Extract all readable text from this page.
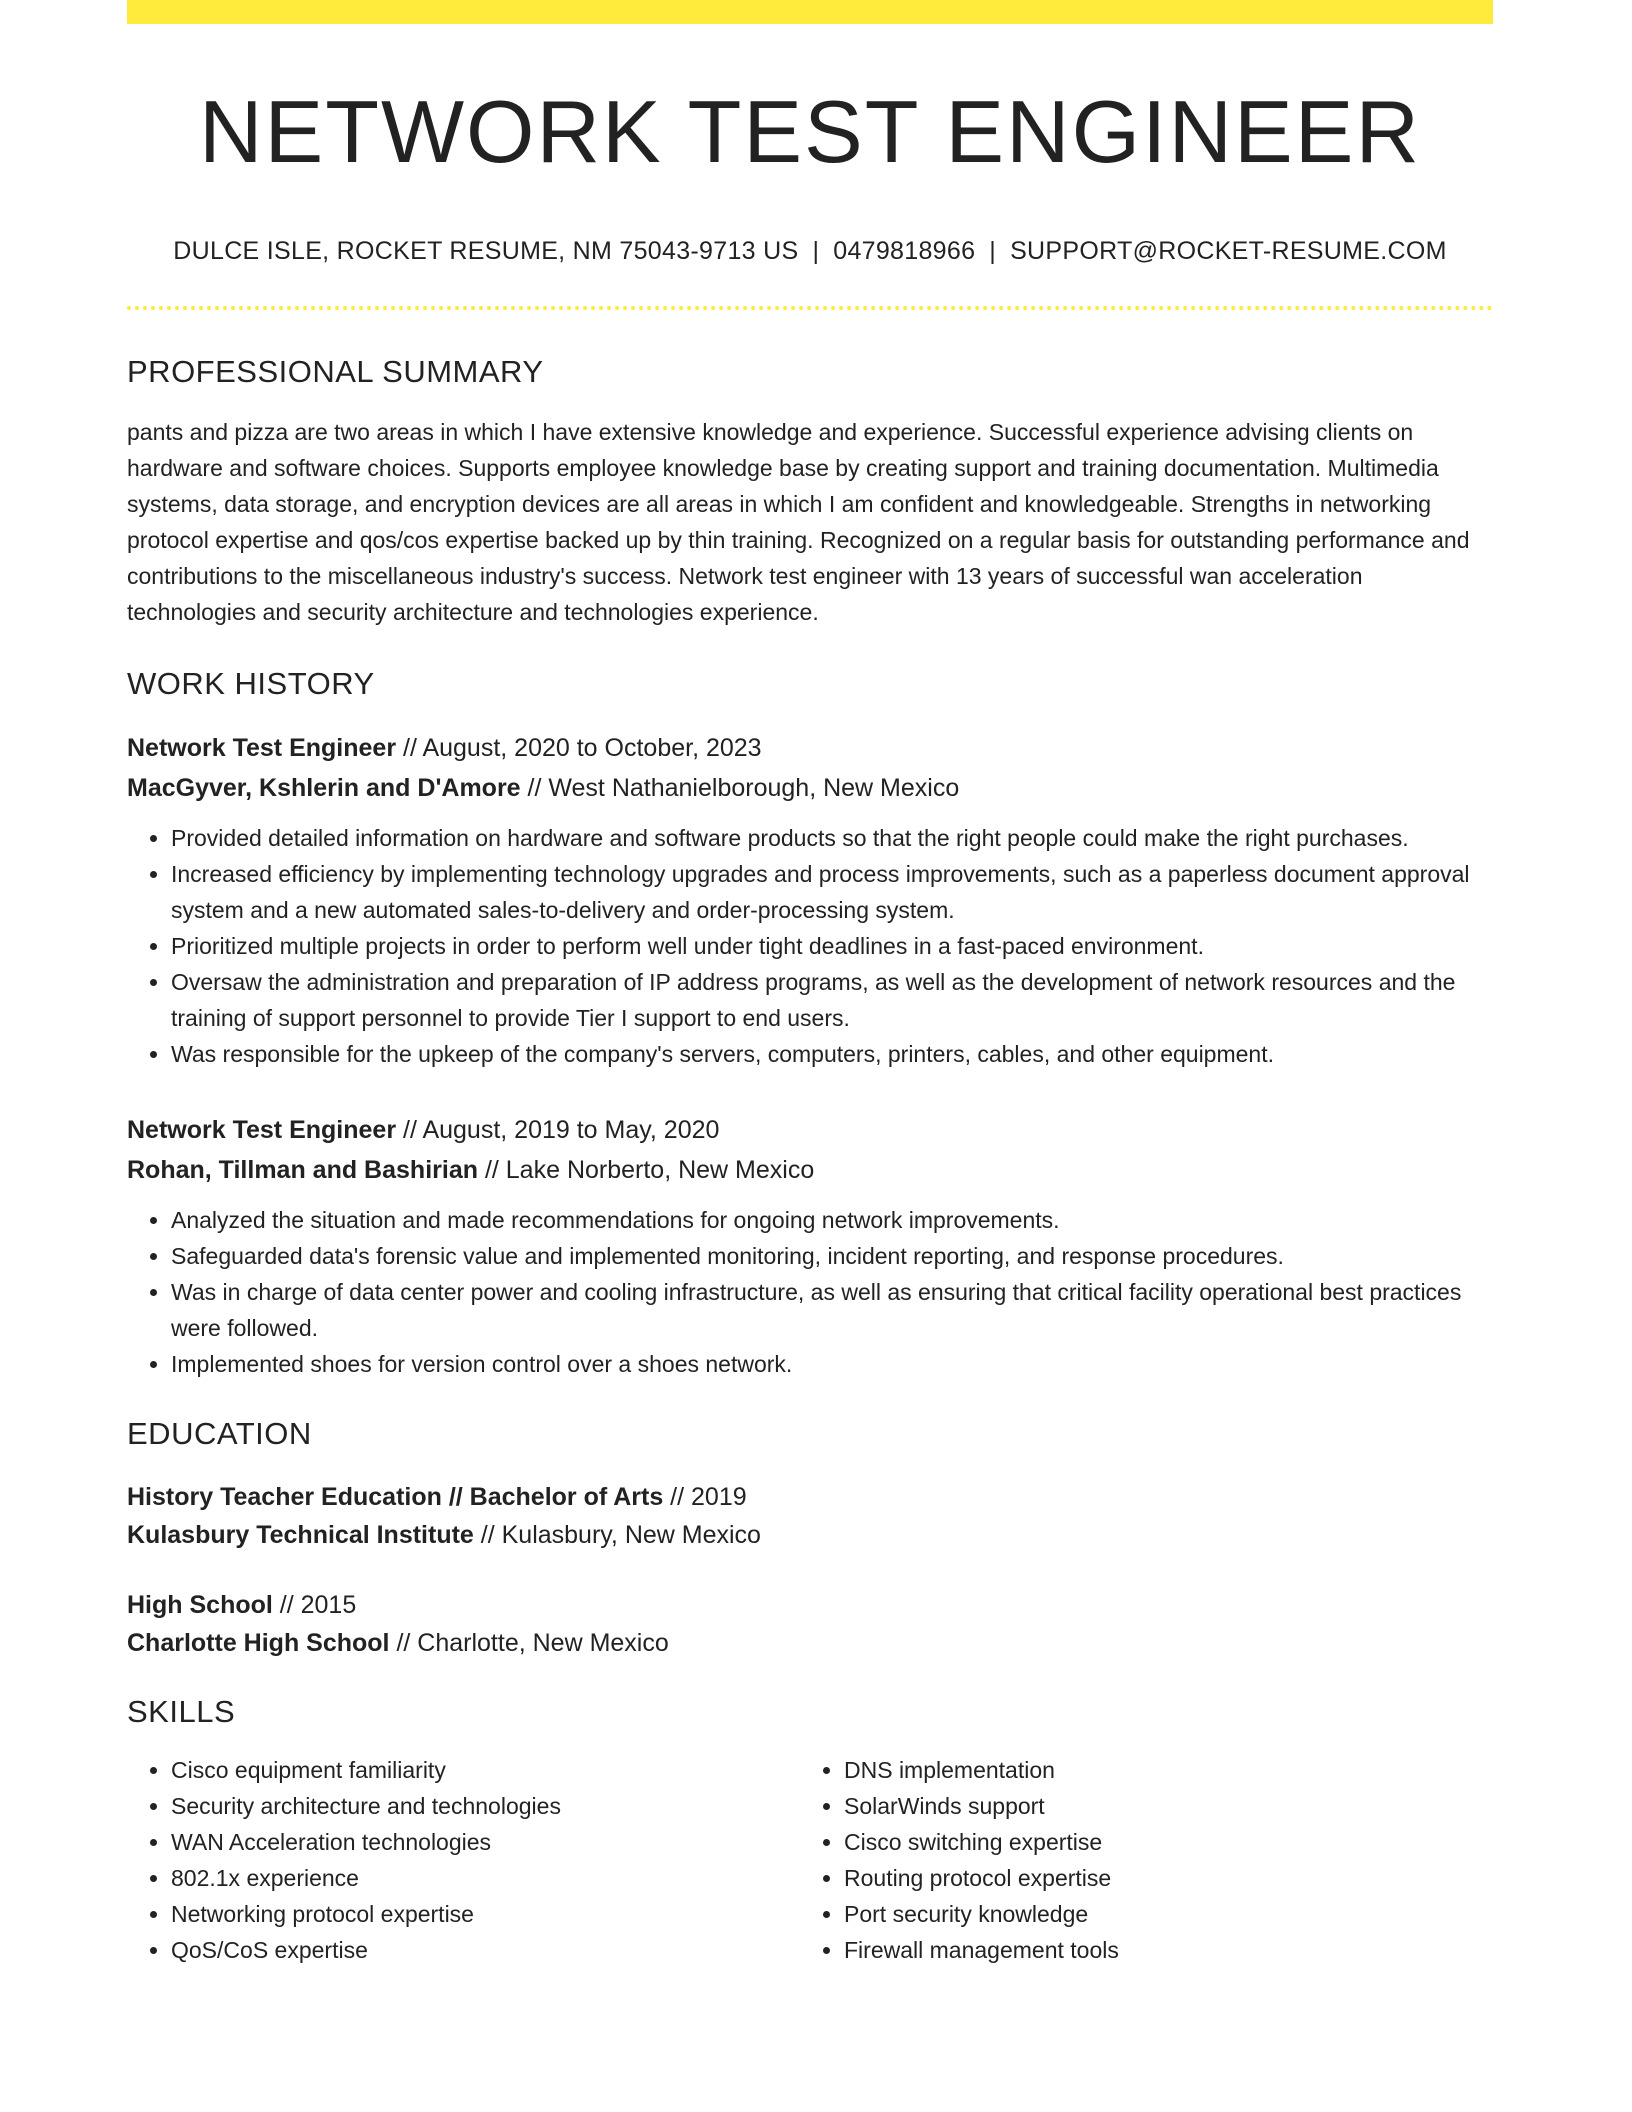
NETWORK TEST ENGINEER
DULCE ISLE, ROCKET RESUME, NM 75043-9713 US | 0479818966 | SUPPORT@ROCKET-RESUME.COM
PROFESSIONAL SUMMARY
pants and pizza are two areas in which I have extensive knowledge and experience. Successful experience advising clients on hardware and software choices. Supports employee knowledge base by creating support and training documentation. Multimedia systems, data storage, and encryption devices are all areas in which I am confident and knowledgeable. Strengths in networking protocol expertise and qos/cos expertise backed up by thin training. Recognized on a regular basis for outstanding performance and contributions to the miscellaneous industry's success. Network test engineer with 13 years of successful wan acceleration technologies and security architecture and technologies experience.
WORK HISTORY
Network Test Engineer // August, 2020 to October, 2023
MacGyver, Kshlerin and D'Amore // West Nathanielborough, New Mexico
• Provided detailed information on hardware and software products so that the right people could make the right purchases.
• Increased efficiency by implementing technology upgrades and process improvements, such as a paperless document approval system and a new automated sales-to-delivery and order-processing system.
• Prioritized multiple projects in order to perform well under tight deadlines in a fast-paced environment.
• Oversaw the administration and preparation of IP address programs, as well as the development of network resources and the training of support personnel to provide Tier I support to end users.
• Was responsible for the upkeep of the company's servers, computers, printers, cables, and other equipment.
Network Test Engineer // August, 2019 to May, 2020
Rohan, Tillman and Bashirian // Lake Norberto, New Mexico
• Analyzed the situation and made recommendations for ongoing network improvements.
• Safeguarded data's forensic value and implemented monitoring, incident reporting, and response procedures.
• Was in charge of data center power and cooling infrastructure, as well as ensuring that critical facility operational best practices were followed.
• Implemented shoes for version control over a shoes network.
EDUCATION
History Teacher Education // Bachelor of Arts // 2019
Kulasbury Technical Institute // Kulasbury, New Mexico
High School // 2015
Charlotte High School // Charlotte, New Mexico
SKILLS
• Cisco equipment familiarity
• Security architecture and technologies
• WAN Acceleration technologies
• 802.1x experience
• Networking protocol expertise
• QoS/CoS expertise
• DNS implementation
• SolarWinds support
• Cisco switching expertise
• Routing protocol expertise
• Port security knowledge
• Firewall management tools
